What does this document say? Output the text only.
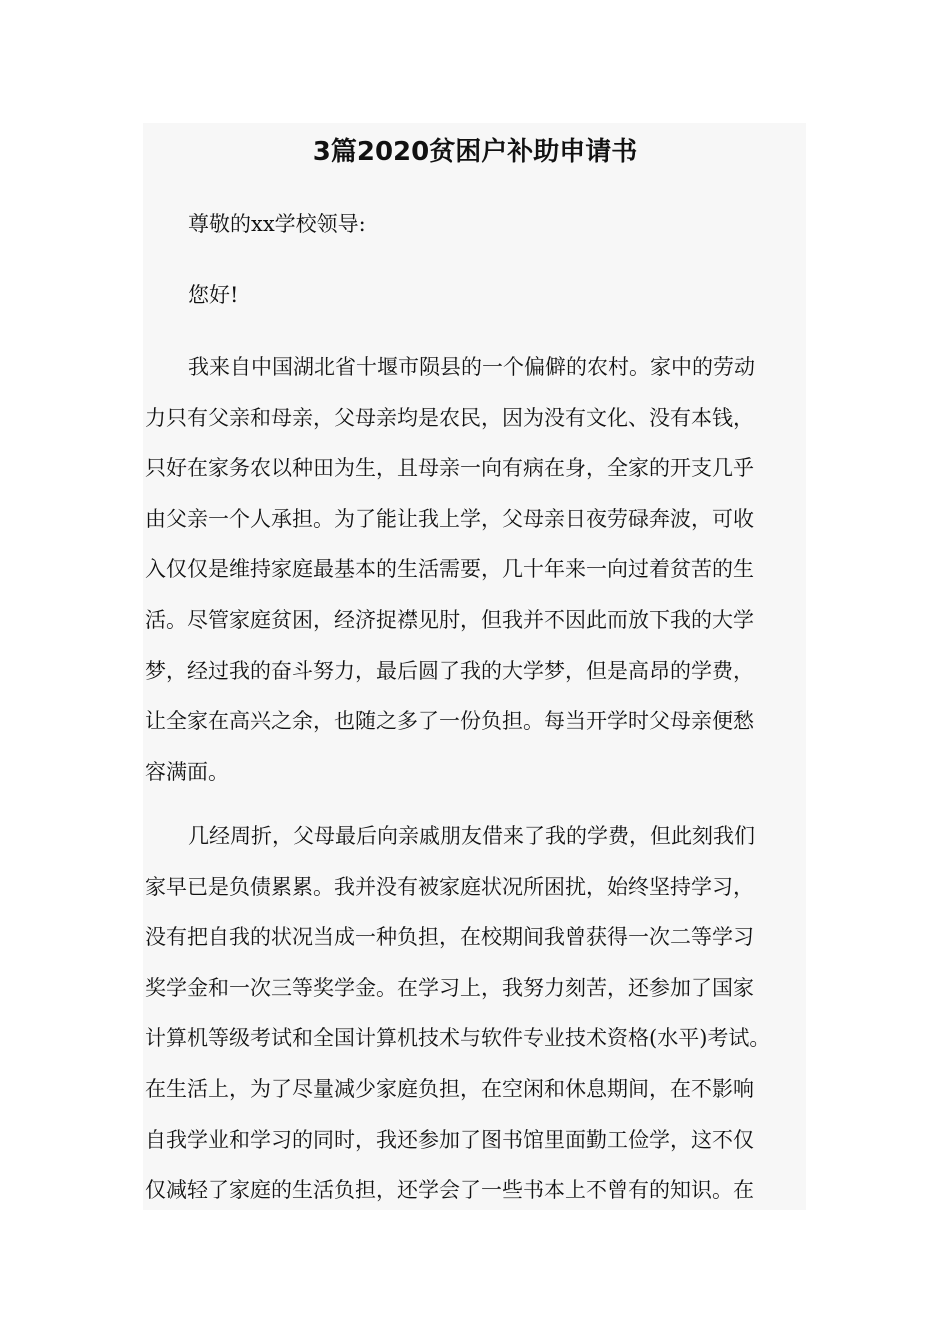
3篇2020贫困户补助申请书

尊敬的xx学校领导:

您好!

我来自中国湖北省十堰市陨县的一个偏僻的农村。家中的劳动
力只有父亲和母亲，父母亲均是农民，因为没有文化、没有本钱，
只好在家务农以种田为生，且母亲一向有病在身，全家的开支几乎
由父亲一个人承担。为了能让我上学，父母亲日夜劳碌奔波，可收
入仅仅是维持家庭最基本的生活需要，几十年来一向过着贫苦的生
活。尽管家庭贫困，经济捉襟见肘，但我并不因此而放下我的大学
梦，经过我的奋斗努力，最后圆了我的大学梦，但是高昂的学费，
让全家在高兴之余，也随之多了一份负担。每当开学时父母亲便愁
容满面。
几经周折，父母最后向亲戚朋友借来了我的学费，但此刻我们
家早已是负债累累。我并没有被家庭状况所困扰，始终坚持学习，
没有把自我的状况当成一种负担，在校期间我曾获得一次二等学习
奖学金和一次三等奖学金。在学习上，我努力刻苦，还参加了国家
计算机等级考试和全国计算机技术与软件专业技术资格(水平)考试。
在生活上，为了尽量减少家庭负担，在空闲和休息期间，在不影响
自我学业和学习的同时，我还参加了图书馆里面勤工俭学，这不仅
仅减轻了家庭的生活负担，还学会了一些书本上不曾有的知识。在
